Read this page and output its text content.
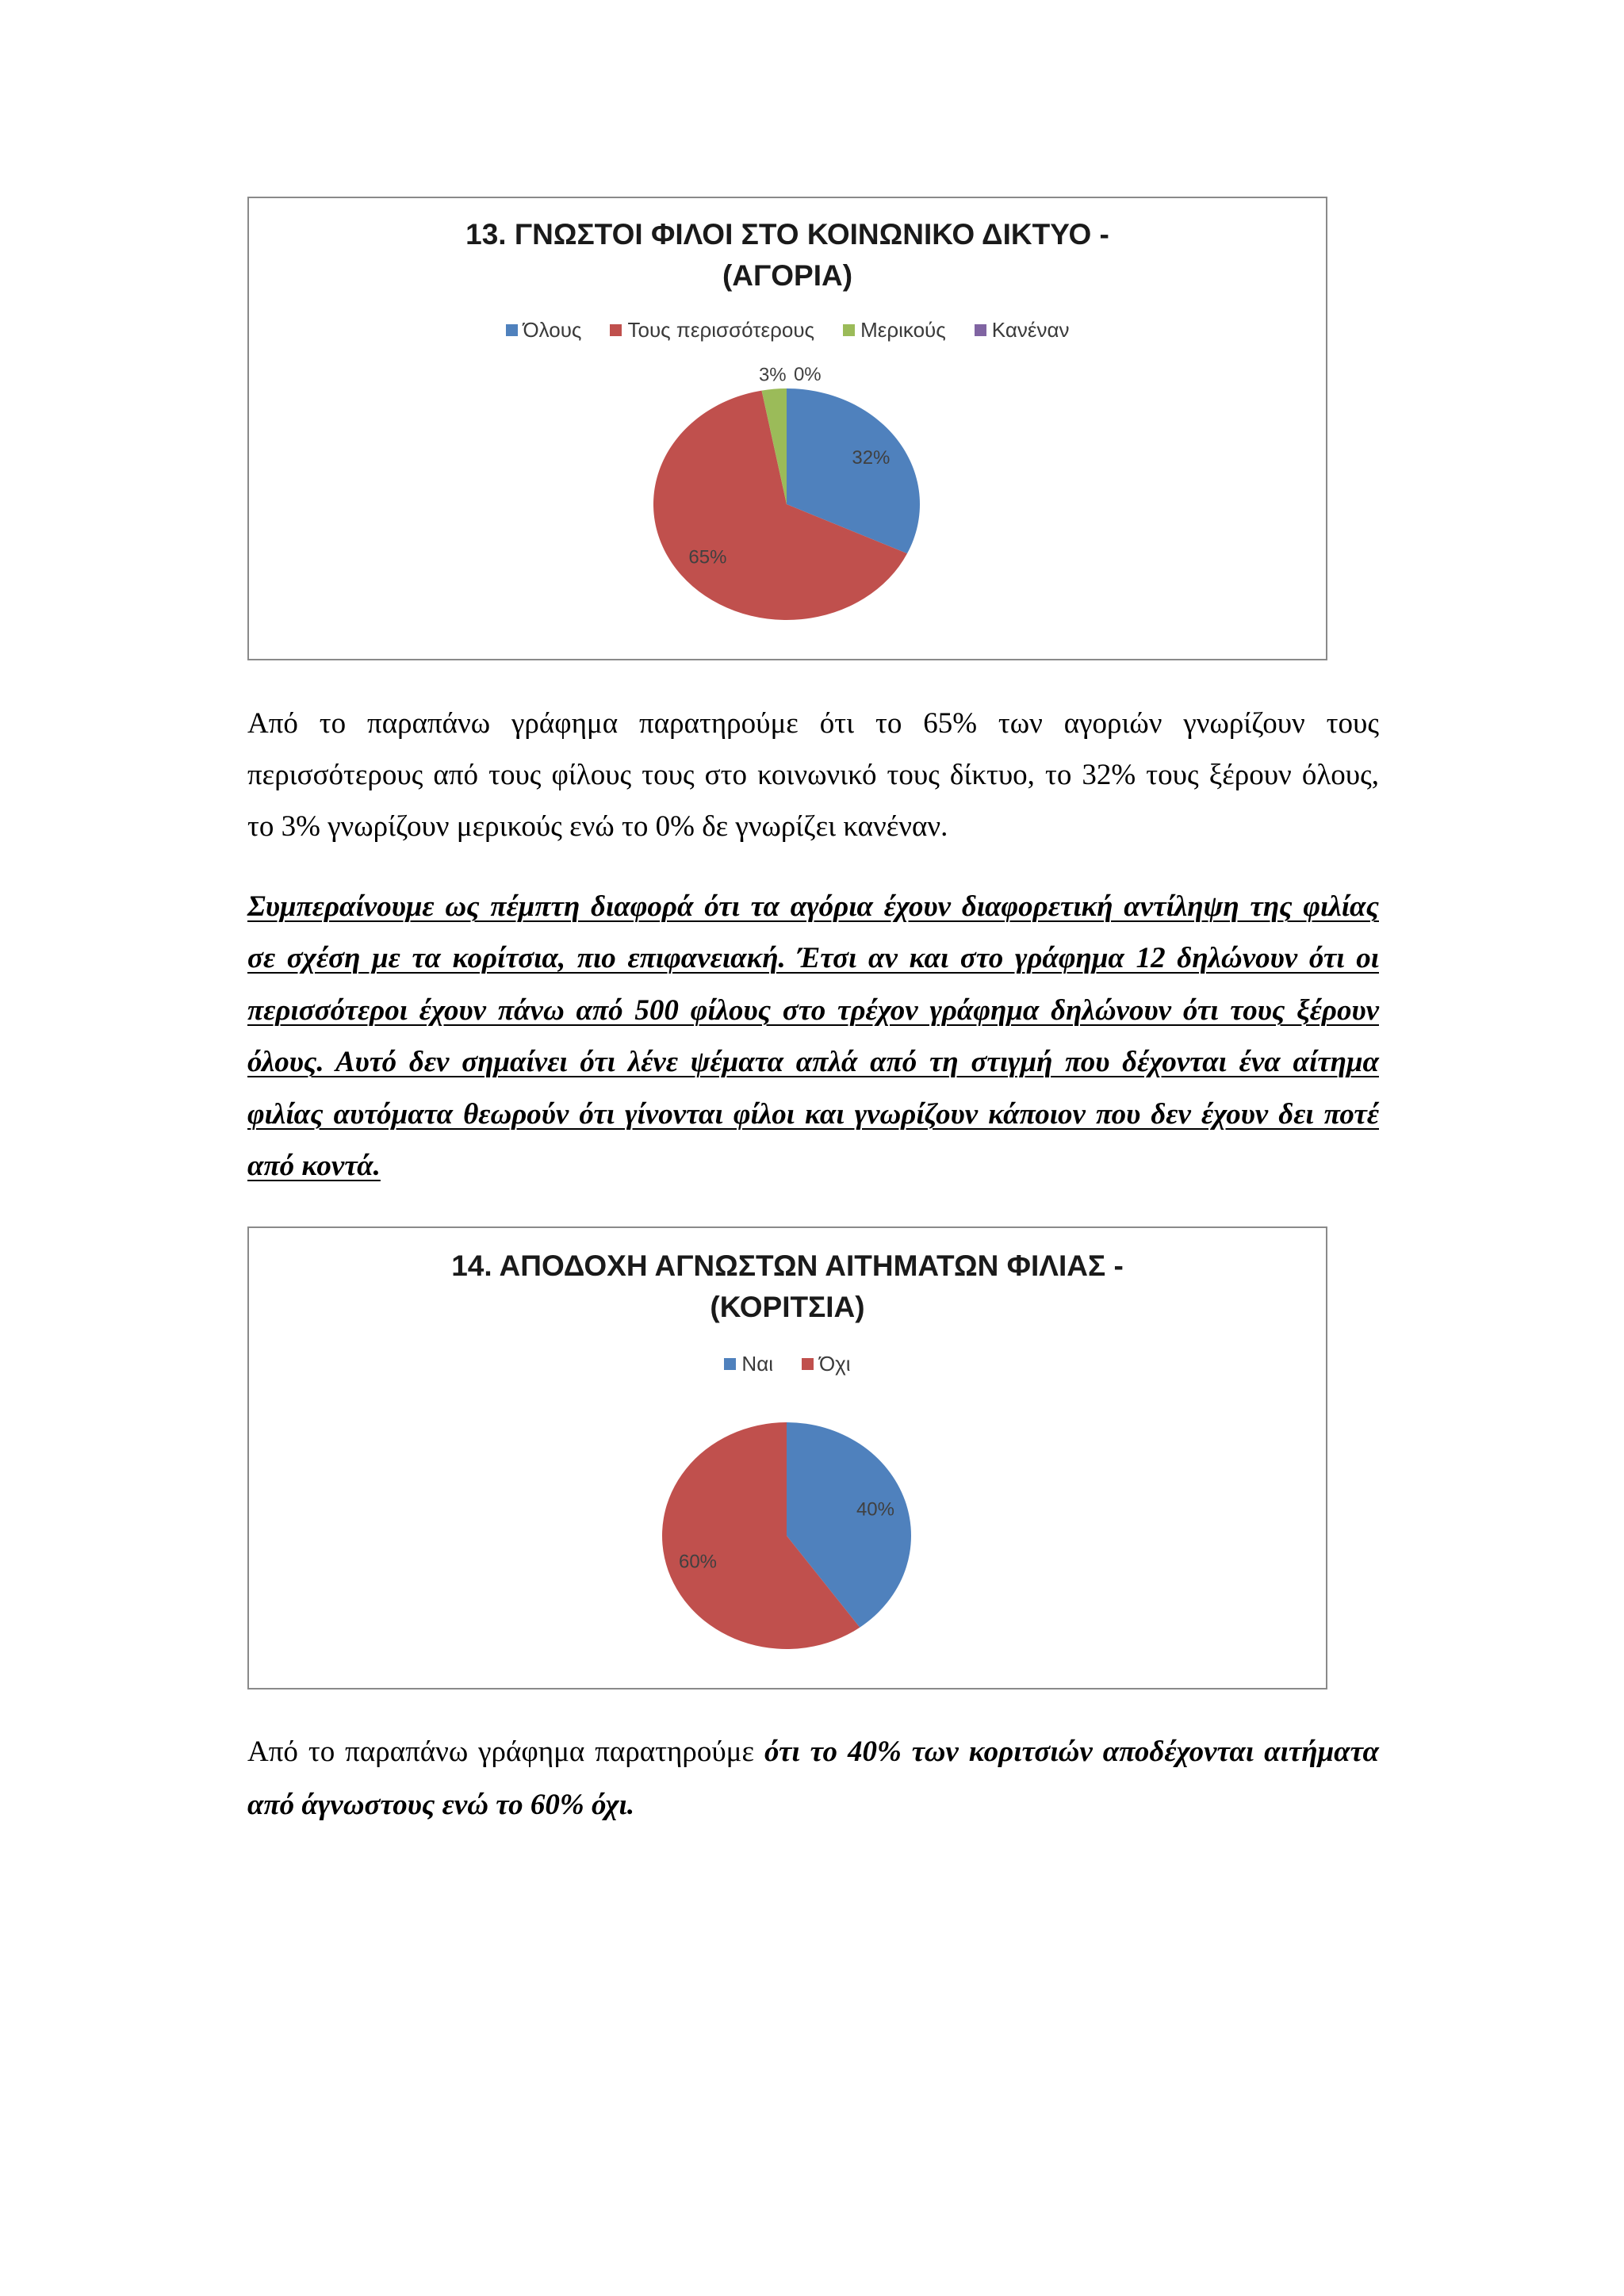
32%
65%
3% 0%
13. ΓΝΩΣΤΟΙ ΦΙΛΟΙ ΣΤΟ ΚΟΙΝΩΝΙΚΟ ΔΙΚΤΥΟ -
(ΑΓΟΡΙΑ)
Όλους Τους περισσότερους Μερικούς Κανέναν
Από το παραπάνω γράφημα παρατηρούμε ότι το 65% των αγοριών γνωρίζουν τους
περισσότερους από τους φίλους τους στο κοινωνικό τους δίκτυο, το 32% τους ξέρουν όλους,
το 3% γνωρίζουν μερικούς ενώ το 0% δε γνωρίζει κανέναν.
Συμπεραίνουμε ως πέμπτη διαφορά ότι τα αγόρια έχουν διαφορετική αντίληψη της φιλίας
σε σχέση με τα κορίτσια, πιο επιφανειακή. Έτσι αν και στο γράφημα 12 δηλώνουν ότι οι
περισσότεροι έχουν πάνω από 500 φίλους στο τρέχον γράφημα δηλώνουν ότι τους ξέρουν
όλους. Αυτό δεν σημαίνει ότι λένε ψέματα απλά από τη στιγμή που δέχονται ένα αίτημα
φιλίας αυτόματα θεωρούν ότι γίνονται φίλοι και γνωρίζουν κάποιον που δεν έχουν δει ποτέ
από κοντά.
40%
60%
14. ΑΠΟΔΟΧΗ ΑΓΝΩΣΤΩΝ ΑΙΤΗΜΑΤΩΝ ΦΙΛΙΑΣ -
(ΚΟΡΙΤΣΙΑ)
Ναι Όχι
Από το παραπάνω γράφημα παρατηρούμε ότι το 40% των κοριτσιών αποδέχονται αιτήματα
από άγνωστους ενώ το 60% όχι.
